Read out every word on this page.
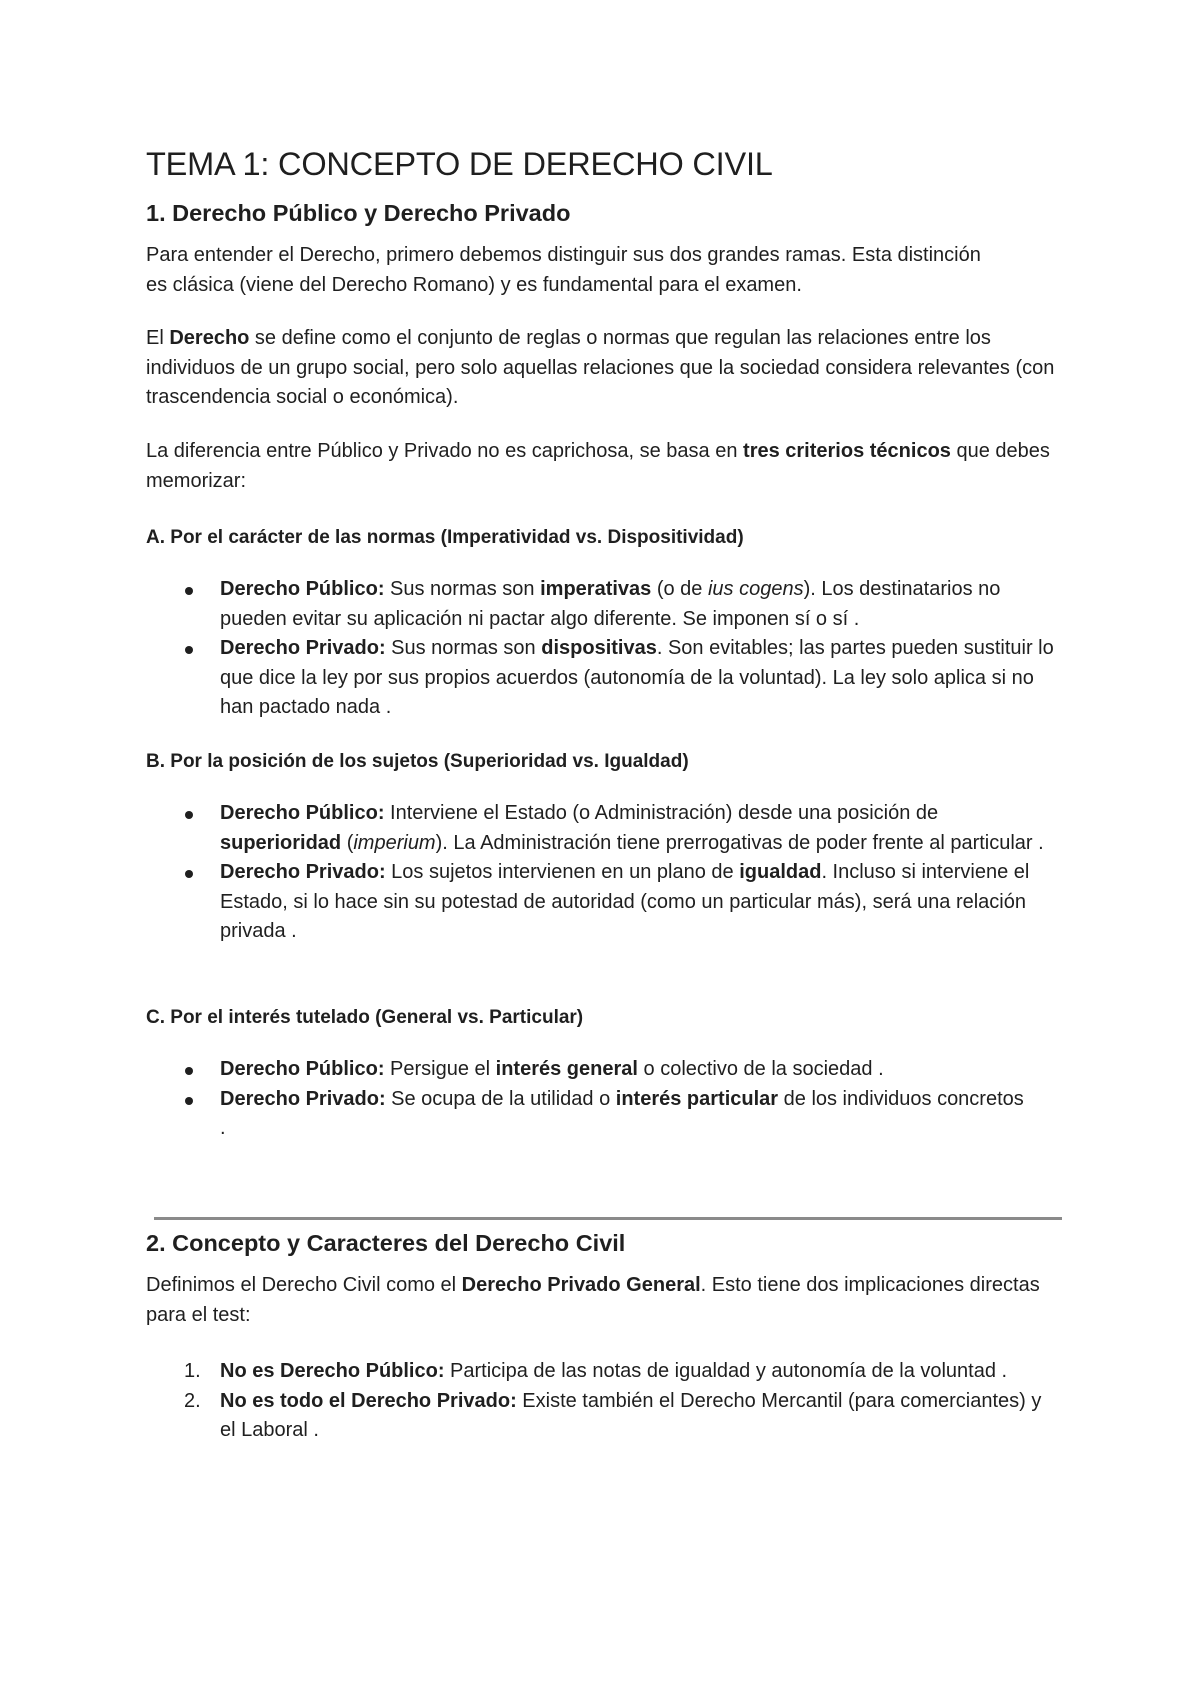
TEMA 1: CONCEPTO DE DERECHO CIVIL
1. Derecho Público y Derecho Privado

Para entender el Derecho, primero debemos distinguir sus dos grandes ramas. Esta distinción es clásica (viene del Derecho Romano) y es fundamental para el examen.

El Derecho se define como el conjunto de reglas o normas que regulan las relaciones entre los individuos de un grupo social, pero solo aquellas relaciones que la sociedad considera relevantes (con trascendencia social o económica).

La diferencia entre Público y Privado no es caprichosa, se basa en tres criterios técnicos que debes memorizar:

A. Por el carácter de las normas (Imperatividad vs. Dispositividad)
Derecho Público: Sus normas son imperativas (o de ius cogens). Los destinatarios no pueden evitar su aplicación ni pactar algo diferente. Se imponen sí o sí .
Derecho Privado: Sus normas son dispositivas. Son evitables; las partes pueden sustituir lo que dice la ley por sus propios acuerdos (autonomía de la voluntad). La ley solo aplica si no han pactado nada .
B. Por la posición de los sujetos (Superioridad vs. Igualdad)
Derecho Público: Interviene el Estado (o Administración) desde una posición de superioridad (imperium). La Administración tiene prerrogativas de poder frente al particular .
Derecho Privado: Los sujetos intervienen en un plano de igualdad. Incluso si interviene el Estado, si lo hace sin su potestad de autoridad (como un particular más), será una relación privada .
C. Por el interés tutelado (General vs. Particular)
Derecho Público: Persigue el interés general o colectivo de la sociedad .
Derecho Privado: Se ocupa de la utilidad o interés particular de los individuos concretos .
2. Concepto y Caracteres del Derecho Civil

Definimos el Derecho Civil como el Derecho Privado General. Esto tiene dos implicaciones directas para el test:

1. No es Derecho Público: Participa de las notas de igualdad y autonomía de la voluntad .
2. No es todo el Derecho Privado: Existe también el Derecho Mercantil (para comerciantes) y el Laboral .
